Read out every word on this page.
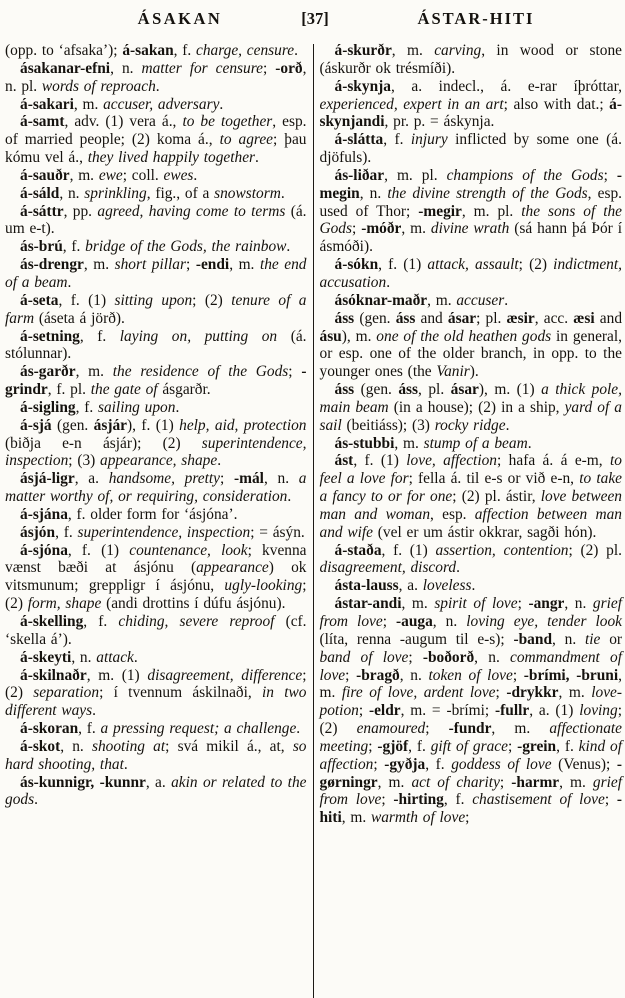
ÁSAKAN	[37]	ÁSTAR-HITI

(opp. to ‘afsaka’); á-sakan, f. charge, censure.

ásakanar-efni, n. matter for censure; -orð, n. pl. words of reproach.

á-sakari, m. accuser, adversary.

á-samt, adv. (1) vera á., to be together, esp. of married people; (2) koma á., to agree; þau kómu vel á., they lived happily together.

á-sauðr, m. ewe; coll. ewes.

á-sáld, n. sprinkling, fig., of a snowstorm.

á-sáttr, pp. agreed, having come to terms (á. um e-t).

ás-brú, f. bridge of the Gods, the rainbow.

ás-drengr, m. short pillar; -endi, m. the end of a beam.

á-seta, f. (1) sitting upon; (2) tenure of a farm (áseta á jörð).

á-setning, f. laying on, putting on (á. stólunnar).

ás-garðr, m. the residence of the Gods; -grindr, f. pl. the gate of ásgarðr.

á-sigling, f. sailing upon.

á-sjá (gen. ásjár), f. (1) help, aid, protection (biðja e-n ásjár); (2) superintendence, inspection; (3) appearance, shape.

ásjá-ligr, a. handsome, pretty; -mál, n. a matter worthy of, or requiring, consideration.

á-sjána, f. older form for ‘ásjóna’.

ásjón, f. superintendence, inspection; = ásýn.

á-sjóna, f. (1) countenance, look; kvenna vænst bæði at ásjónu (appearance) ok vitsmunum; greppligr í ásjónu, ugly-looking; (2) form, shape (andi drottins í dúfu ásjónu).

á-skelling, f. chiding, severe reproof (cf. ‘skella á’).

á-skeyti, n. attack.

á-skilnaðr, m. (1) disagreement, difference; (2) separation; í tvennum áskilnaði, in two different ways.

á-skoran, f. a pressing request; a challenge.

á-skot, n. shooting at; svá mikil á., at, so hard shooting, that.

ás-kunnigr, -kunnr, a. akin or related to the gods.

á-skurðr, m. carving, in wood or stone (áskurðr ok trésmíði).

á-skynja, a. indecl., á. e-rar íþróttar, experienced, expert in an art; also with dat.; á-skynjandi, pr. p. = áskynja.

á-slátta, f. injury inflicted by some one (á. djöfuls).

ás-liðar, m. pl. champions of the Gods; -megin, n. the divine strength of the Gods, esp. used of Thor; -megir, m. pl. the sons of the Gods; -móðr, m. divine wrath (sá hann þá Þór í ásmóði).

á-sókn, f. (1) attack, assault; (2) indictment, accusation.

ásóknar-maðr, m. accuser.

áss (gen. áss and ásar; pl. æsir, acc. æsi and ásu), m. one of the old heathen gods in general, or esp. one of the older branch, in opp. to the younger ones (the Vanir).

áss (gen. áss, pl. ásar), m. (1) a thick pole, main beam (in a house); (2) in a ship, yard of a sail (beitiáss); (3) rocky ridge.

ás-stubbi, m. stump of a beam.

ást, f. (1) love, affection; hafa á. á e-m, to feel a love for; fella á. til e-s or við e-n, to take a fancy to or for one; (2) pl. ástir, love between man and woman, esp. affection between man and wife (vel er um ástir okkrar, sagði hón).

á-staða, f. (1) assertion, contention; (2) pl. disagreement, discord.

ásta-lauss, a. loveless.

ástar-andi, m. spirit of love; -angr, n. grief from love; -auga, n. loving eye, tender look (líta, renna -augum til e-s); -band, n. tie or band of love; -boðorð, n. commandment of love; -bragð, n. token of love; -brími, -bruni, m. fire of love, ardent love; -drykkr, m. love-potion; -eldr, m. = -brími; -fullr, a. (1) loving; (2) enamoured; -fundr, m. affectionate meeting; -gjöf, f. gift of grace; -grein, f. kind of affection; -gyðja, f. goddess of love (Venus); -gørningr, m. act of charity; -harmr, m. grief from love; -hirting, f. chastisement of love; -hiti, m. warmth of love;
